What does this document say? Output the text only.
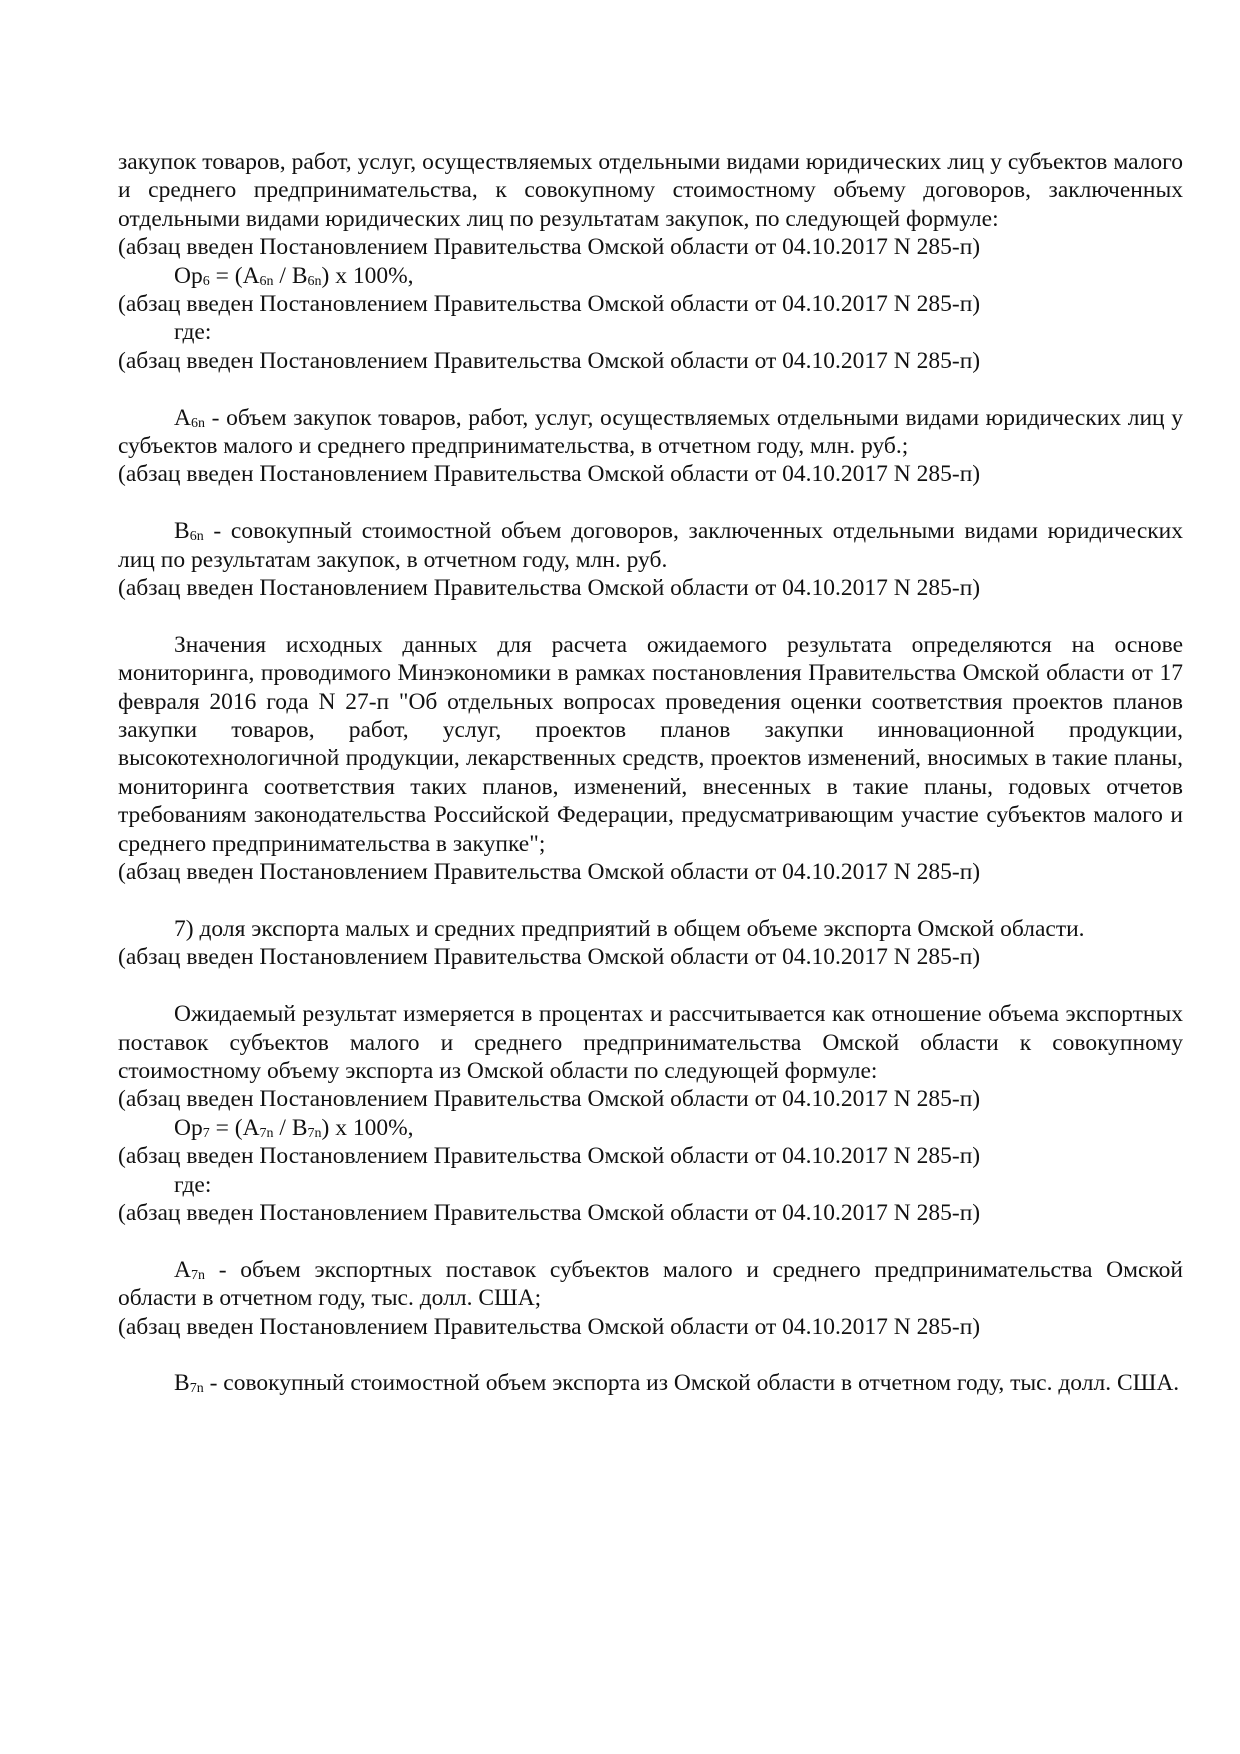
закупок товаров, работ, услуг, осуществляемых отдельными видами юридических лиц у субъектов малого и среднего предпринимательства, к совокупному стоимостному объему договоров, заключенных отдельными видами юридических лиц по результатам закупок, по следующей формуле:

(абзац введен Постановлением Правительства Омской области от 04.10.2017 N 285-п)

$Op_6 = (A_{6n} / B_{6n})$ x 100%,

(абзац введен Постановлением Правительства Омской области от 04.10.2017 N 285-п)

где:

(абзац введен Постановлением Правительства Омской области от 04.10.2017 N 285-п)

$A_{6n}$ - объем закупок товаров, работ, услуг, осуществляемых отдельными видами юридических лиц у субъектов малого и среднего предпринимательства, в отчетном году, млн. руб.;

(абзац введен Постановлением Правительства Омской области от 04.10.2017 N 285-п)

$B_{6n}$ - совокупный стоимостной объем договоров, заключенных отдельными видами юридических лиц по результатам закупок, в отчетном году, млн. руб.

(абзац введен Постановлением Правительства Омской области от 04.10.2017 N 285-п)

Значения исходных данных для расчета ожидаемого результата определяются на основе мониторинга, проводимого Минэкономики в рамках постановления Правительства Омской области от 17 февраля 2016 года N 27-п "Об отдельных вопросах проведения оценки соответствия проектов планов закупки товаров, работ, услуг, проектов планов закупки инновационной продукции, высокотехнологичной продукции, лекарственных средств, проектов изменений, вносимых в такие планы, мониторинга соответствия таких планов, изменений, внесенных в такие планы, годовых отчетов требованиям законодательства Российской Федерации, предусматривающим участие субъектов малого и среднего предпринимательства в закупке";

(абзац введен Постановлением Правительства Омской области от 04.10.2017 N 285-п)

7) доля экспорта малых и средних предприятий в общем объеме экспорта Омской области.

(абзац введен Постановлением Правительства Омской области от 04.10.2017 N 285-п)

Ожидаемый результат измеряется в процентах и рассчитывается как отношение объема экспортных поставок субъектов малого и среднего предпринимательства Омской области к совокупному стоимостному объему экспорта из Омской области по следующей формуле:

(абзац введен Постановлением Правительства Омской области от 04.10.2017 N 285-п)

$Op_7 = (A_{7n} / B_{7n})$ x 100%,

(абзац введен Постановлением Правительства Омской области от 04.10.2017 N 285-п)

где:

(абзац введен Постановлением Правительства Омской области от 04.10.2017 N 285-п)

$A_{7n}$ - объем экспортных поставок субъектов малого и среднего предпринимательства Омской области в отчетном году, тыс. долл. США;

(абзац введен Постановлением Правительства Омской области от 04.10.2017 N 285-п)

$B_{7n}$ - совокупный стоимостной объем экспорта из Омской области в отчетном году, тыс. долл. США.
